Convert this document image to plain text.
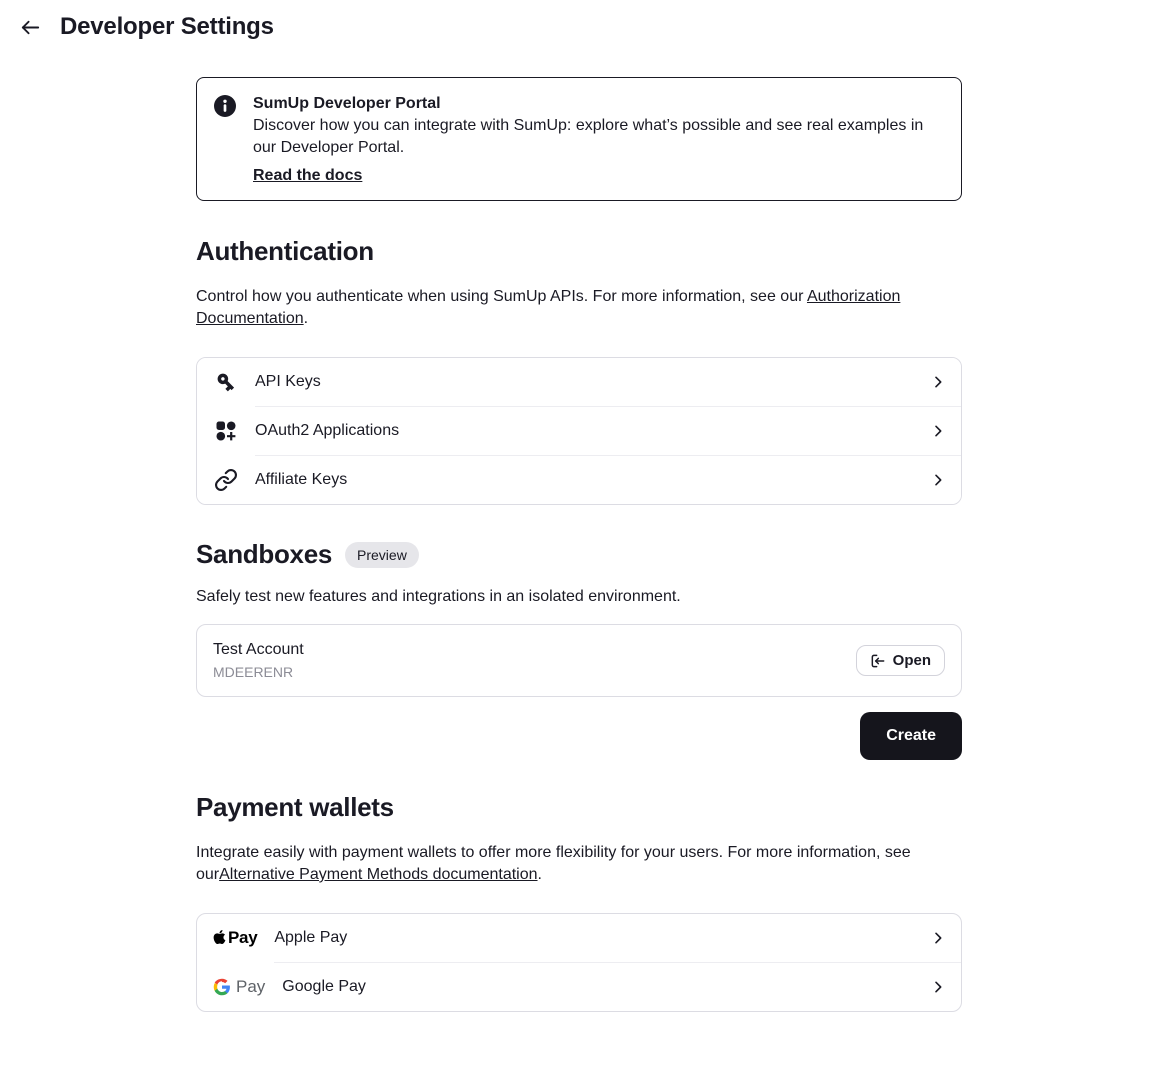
Developer Settings
SumUp Developer Portal

Discover how you can integrate with SumUp: explore what’s possible and see real examples in our Developer Portal.

Read the docs
Authentication

Control how you authenticate when using SumUp APIs. For more information, see our Authorization Documentation.

API Keys
OAuth2 Applications
Affiliate Keys
Sandboxes	Preview

Safely test new features and integrations in an isolated environment.

Test Account
MDEERENR
Open
Create
Payment wallets

Integrate easily with payment wallets to offer more flexibility for your users. For more information, see ourAlternative Payment Methods documentation.

Pay Apple Pay
Pay Google Pay
